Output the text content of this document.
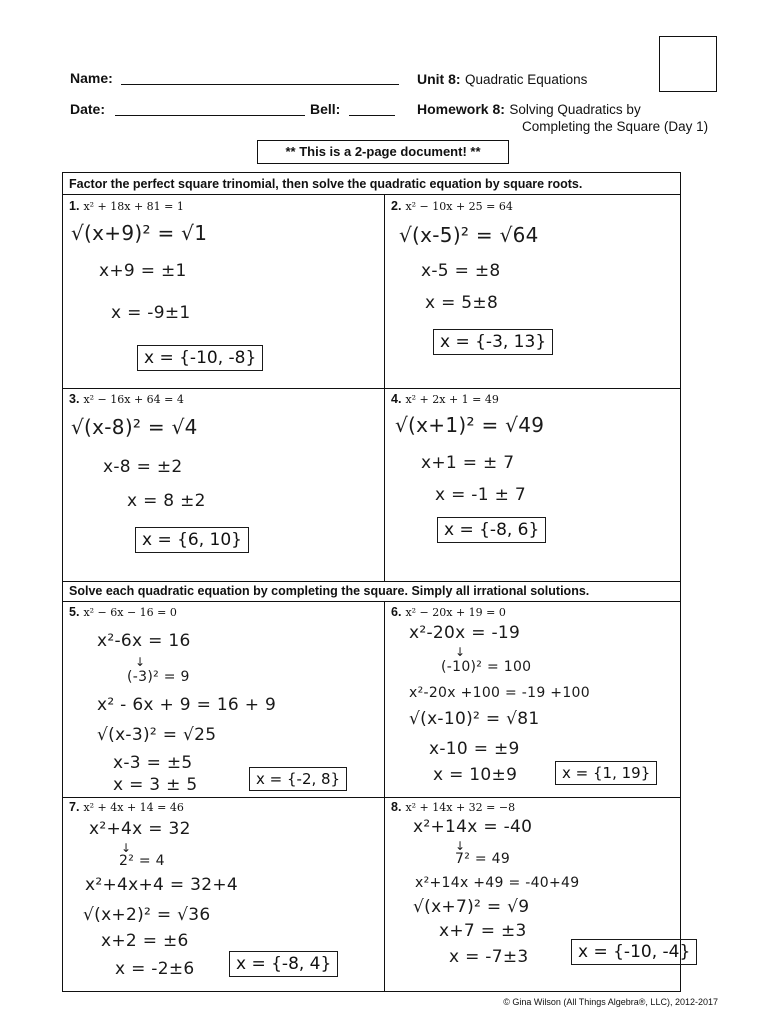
Name:
Date:	Bell:
Unit 8: Quadratic Equations
Homework 8: Solving Quadratics by
Completing the Square (Day 1)
** This is a 2-page document! **
Factor the perfect square trinomial, then solve the quadratic equation by square roots.
Solve each quadratic equation by completing the square. Simply all irrational solutions.
1. x² + 18x + 81 = 1
√(x+9)² = √1
x+9 = ±1
x = -9±1
x = {-10, -8}
2. x² − 10x + 25 = 64
√(x-5)² = √64
x-5 = ±8
x = 5±8
x = {-3, 13}
3. x² − 16x + 64 = 4
√(x-8)² = √4
x-8 = ±2
x = 8 ±2
x = {6, 10}
4. x² + 2x + 1 = 49
√(x+1)² = √49
x+1 = ± 7
x = -1 ± 7
x = {-8, 6}
5. x² − 6x − 16 = 0
x²-6x = 16
↓
(-3)² = 9
x² - 6x + 9 = 16 + 9
√(x-3)² = √25
x-3 = ±5
x = 3 ± 5	x = {-2, 8}
6. x² − 20x + 19 = 0
x²-20x = -19
↓
(-10)² = 100
x²-20x +100 = -19 +100
√(x-10)² = √81
x-10 = ±9
x = 10±9	x = {1, 19}
7. x² + 4x + 14 = 46
x²+4x = 32
↓
2² = 4
x²+4x+4 = 32+4
√(x+2)² = √36
x+2 = ±6
x = -2±6	x = {-8, 4}
8. x² + 14x + 32 = −8
x²+14x = -40
↓
7² = 49
x²+14x +49 = -40+49
√(x+7)² = √9
x+7 = ±3
x = -7±3	x = {-10, -4}
© Gina Wilson (All Things Algebra®, LLC), 2012-2017
